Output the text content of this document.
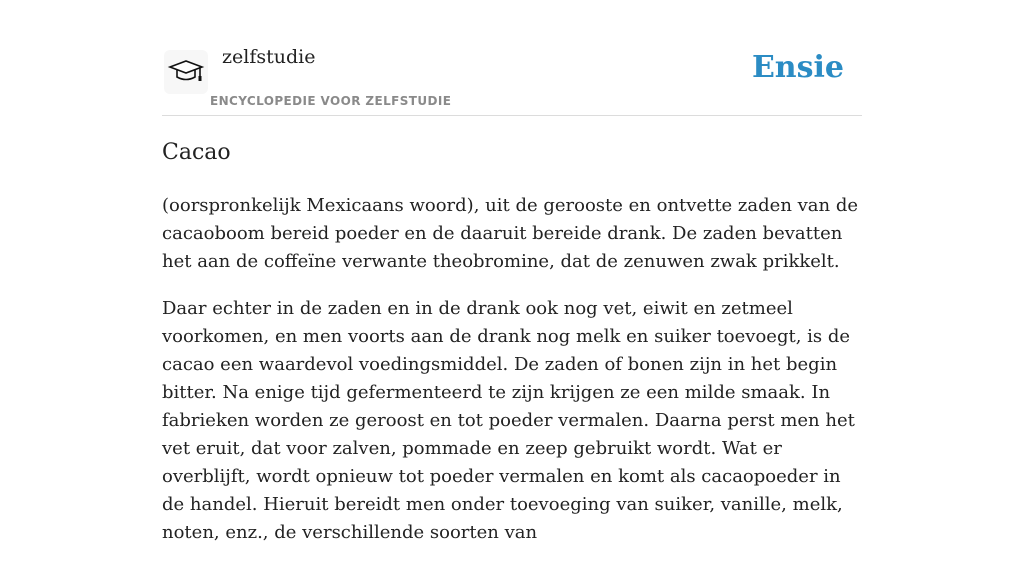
zelfstudie
ENCYCLOPEDIE VOOR ZELFSTUDIE
Ensie
Cacao

(oorspronkelijk Mexicaans woord), uit de gerooste en ontvette zaden van de cacaoboom bereid poeder en de daaruit bereide drank. De zaden bevatten het aan de coffeïne verwante theobromine, dat de zenuwen zwak prikkelt.

Daar echter in de zaden en in de drank ook nog vet, eiwit en zetmeel voorkomen, en men voorts aan de drank nog melk en suiker toevoegt, is de cacao een waardevol voedingsmiddel. De zaden of bonen zijn in het begin bitter. Na enige tijd gefermenteerd te zijn krijgen ze een milde smaak. In fabrieken worden ze geroost en tot poeder vermalen. Daarna perst men het vet eruit, dat voor zalven, pommade en zeep gebruikt wordt. Wat er overblijft, wordt opnieuw tot poeder vermalen en komt als cacaopoeder in de handel. Hieruit bereidt men onder toevoeging van suiker, vanille, melk, noten, enz., de verschillende soorten van
